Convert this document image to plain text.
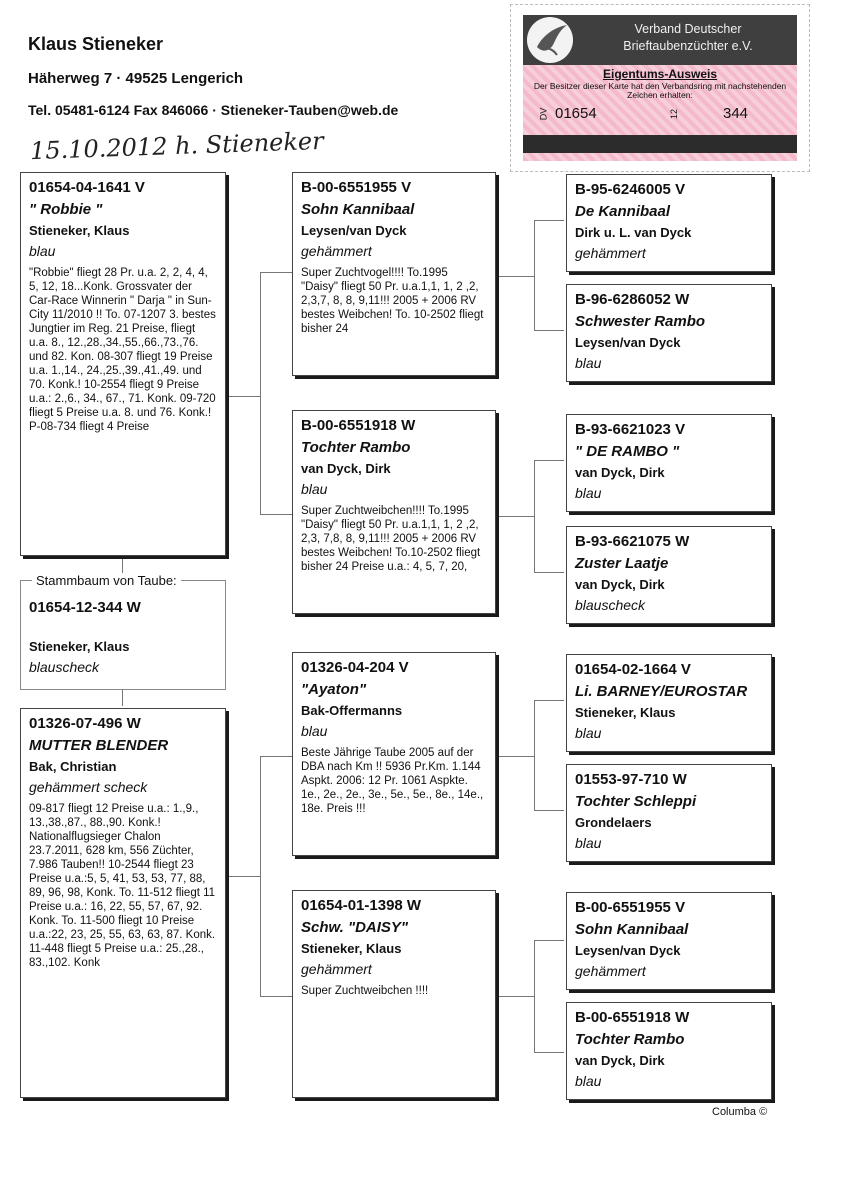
Klaus Stieneker
Häherweg 7 · 49525 Lengerich
Tel. 05481-6124 Fax 846066 · Stieneker-Tauben@web.de
15.10.2012 h. Stieneker
Verband Deutscher
Brieftaubenzüchter e.V.
Eigentums-Ausweis
Der Besitzer dieser Karte hat den Verbandsring mit nachstehenden Zeichen erhalten:
DV 01654	12	344
01654-12-344 W
Stieneker, Klaus
blauscheck
Stammbaum von Taube:
01654-04-1641 V
" Robbie "
Stieneker, Klaus
blau
"Robbie" fliegt 28 Pr. u.a. 2, 2, 4, 4, 5, 12, 18...Konk. Grossvater der Car-Race Winnerin " Darja " in Sun-City 11/2010 !! To. 07-1207 3. bestes Jungtier im Reg. 21 Preise, fliegt u.a. 8., 12.,28.,34.,55.,66.,73.,76. und 82. Kon. 08-307 fliegt 19 Preise u.a. 1.,14., 24.,25.,39.,41.,49. und 70. Konk.! 10-2554 fliegt 9 Preise u.a.: 2.,6., 34., 67., 71. Konk. 09-720 fliegt 5 Preise u.a. 8. und 76. Konk.! P-08-734 fliegt 4 Preise
01326-07-496 W
MUTTER BLENDER
Bak, Christian
gehämmert scheck
09-817 fliegt 12 Preise u.a.: 1.,9., 13.,38.,87., 88.,90. Konk.! Nationalflugsieger Chalon 23.7.2011, 628 km, 556 Züchter, 7.986 Tauben!! 10-2544 fliegt 23 Preise u.a.:5, 5, 41, 53, 53, 77, 88, 89, 96, 98, Konk. To. 11-512 fliegt 11 Preise u.a.: 16, 22, 55, 57, 67, 92. Konk. To. 11-500 fliegt 10 Preise u.a.:22, 23, 25, 55, 63, 63, 87. Konk. 11-448 fliegt 5 Preise u.a.: 25.,28., 83.,102. Konk
B-00-6551955 V
Sohn Kannibaal
Leysen/van Dyck
gehämmert
Super Zuchtvogel!!!! To.1995 "Daisy" fliegt 50 Pr. u.a.1,1, 1, 2 ,2, 2,3,7, 8, 8, 9,11!!! 2005 + 2006 RV bestes Weibchen! To. 10-2502 fliegt bisher 24
B-00-6551918 W
Tochter Rambo
van Dyck, Dirk
blau
Super Zuchtweibchen!!!! To.1995 "Daisy" fliegt 50 Pr. u.a.1,1, 1, 2 ,2, 2,3, 7,8, 8, 9,11!!! 2005 + 2006 RV bestes Weibchen! To.10-2502 fliegt bisher 24 Preise u.a.: 4, 5, 7, 20,
01326-04-204 V
"Ayaton"
Bak-Offermanns
blau
Beste Jährige Taube 2005 auf der DBA nach Km !! 5936 Pr.Km. 1.144 Aspkt. 2006: 12 Pr. 1061 Aspkte. 1e., 2e., 2e., 3e., 5e., 5e., 8e., 14e., 18e. Preis !!!
01654-01-1398 W
Schw. "DAISY"
Stieneker, Klaus
gehämmert
Super Zuchtweibchen !!!!
B-95-6246005 V
De Kannibaal
Dirk u. L. van Dyck
gehämmert
B-96-6286052 W
Schwester Rambo
Leysen/van Dyck
blau
B-93-6621023 V
" DE RAMBO "
van Dyck, Dirk
blau
B-93-6621075 W
Zuster Laatje
van Dyck, Dirk
blauscheck
01654-02-1664 V
Li. BARNEY/EUROSTAR
Stieneker, Klaus
blau
01553-97-710 W
Tochter Schleppi
Grondelaers
blau
B-00-6551955 V
Sohn Kannibaal
Leysen/van Dyck
gehämmert
B-00-6551918 W
Tochter Rambo
van Dyck, Dirk
blau
Columba ©
